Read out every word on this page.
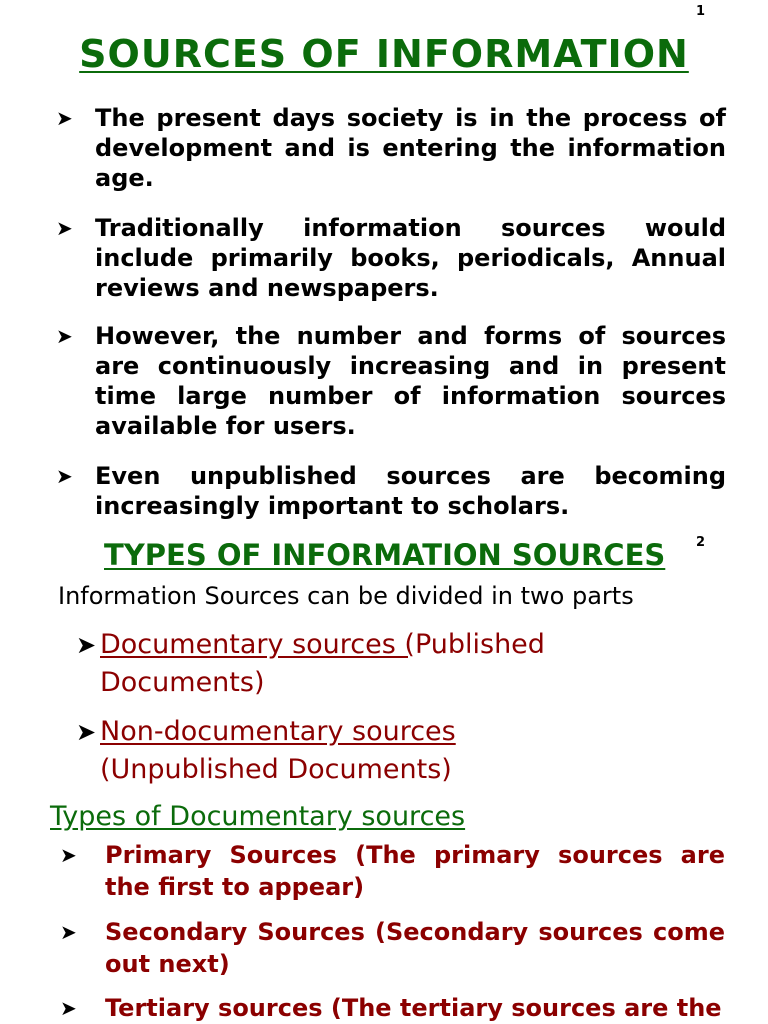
1
SOURCES OF INFORMATION
➤ The present days society is in the process of development and is entering the information age.
➤ Traditionally information sources would include primarily books, periodicals, Annual reviews and newspapers.
➤ However, the number and forms of sources are continuously increasing and in present time large number of information sources available for users.
➤ Even unpublished sources are becoming increasingly important to scholars.
TYPES OF INFORMATION SOURCES 2
Information Sources can be divided in two parts
➤ Documentary sources (Published Documents)
➤ Non-documentary sources
(Unpublished Documents)
Types of Documentary sources
➤ Primary Sources (The primary sources are the first to appear)
➤ Secondary Sources (Secondary sources come out next)
➤ Tertiary sources (The tertiary sources are the
